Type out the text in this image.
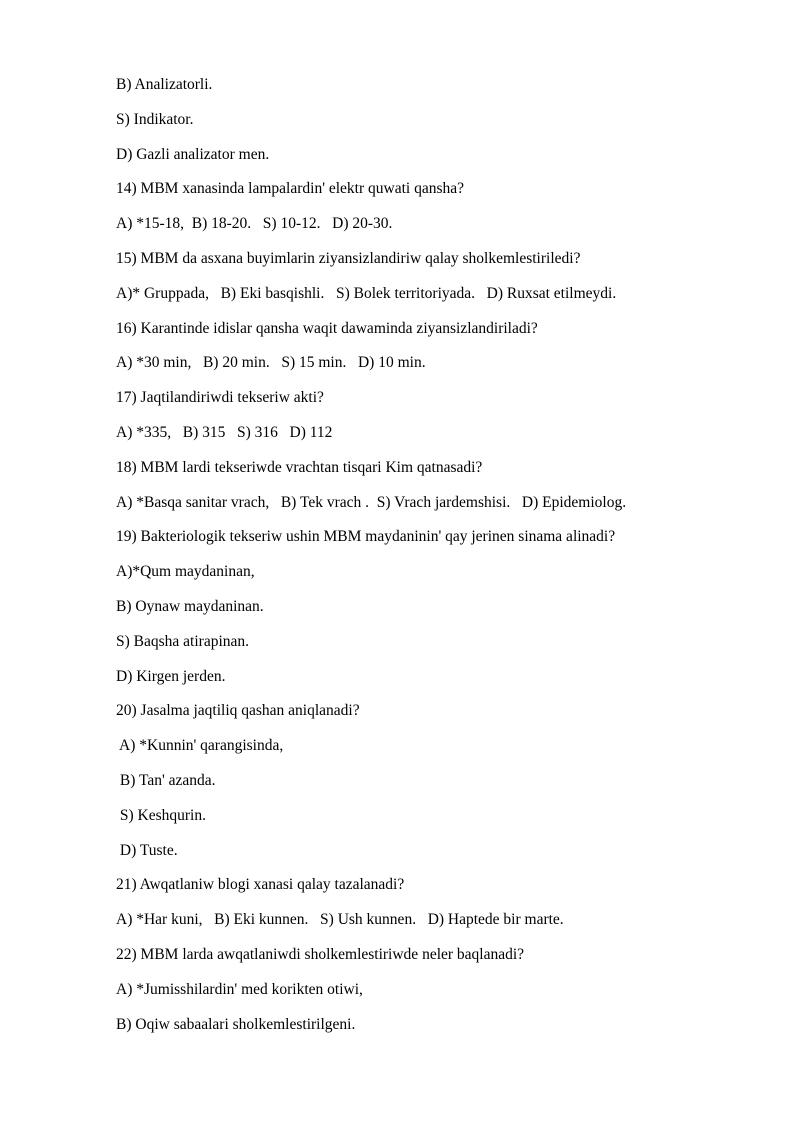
B) Analizatorli.
S) Indikator.
D) Gazli analizator men.
14) MBM xanasinda lampalardin' elektr quwati qansha?
A) *15-18,  B) 18-20.   S) 10-12.   D) 20-30.
15) MBM da asxana buyimlarin ziyansizlandiriw qalay sholkemlestiriledi?
A)* Gruppada,   B) Eki basqishli.   S) Bolek territoriyada.   D) Ruxsat etilmeydi.
16) Karantinde idislar qansha waqit dawaminda ziyansizlandiriladi?
A) *30 min,   B) 20 min.   S) 15 min.   D) 10 min.
17) Jaqtilandiriwdi tekseriw akti?
A) *335,   B) 315   S) 316   D) 112
18) MBM lardi tekseriwde vrachtan tisqari Kim qatnasadi?
A) *Basqa sanitar vrach,   B) Tek vrach .  S) Vrach jardemshisi.   D) Epidemiolog.
19) Bakteriologik tekseriw ushin MBM maydaninin' qay jerinen sinama alinadi?
A)*Qum maydaninan,
B) Oynaw maydaninan.
S) Baqsha atirapinan.
D) Kirgen jerden.
20) Jasalma jaqtiliq qashan aniqlanadi?
A) *Kunnin' qarangisinda,
B) Tan' azanda.
S) Keshqurin.
D) Tuste.
21) Awqatlaniw blogi xanasi qalay tazalanadi?
A) *Har kuni,   B) Eki kunnen.   S) Ush kunnen.   D) Haptede bir marte.
22) MBM larda awqatlaniwdi sholkemlestiriwde neler baqlanadi?
A) *Jumisshilardin' med korikten otiwi,
B) Oqiw sabaalari sholkemlestirilgeni.
